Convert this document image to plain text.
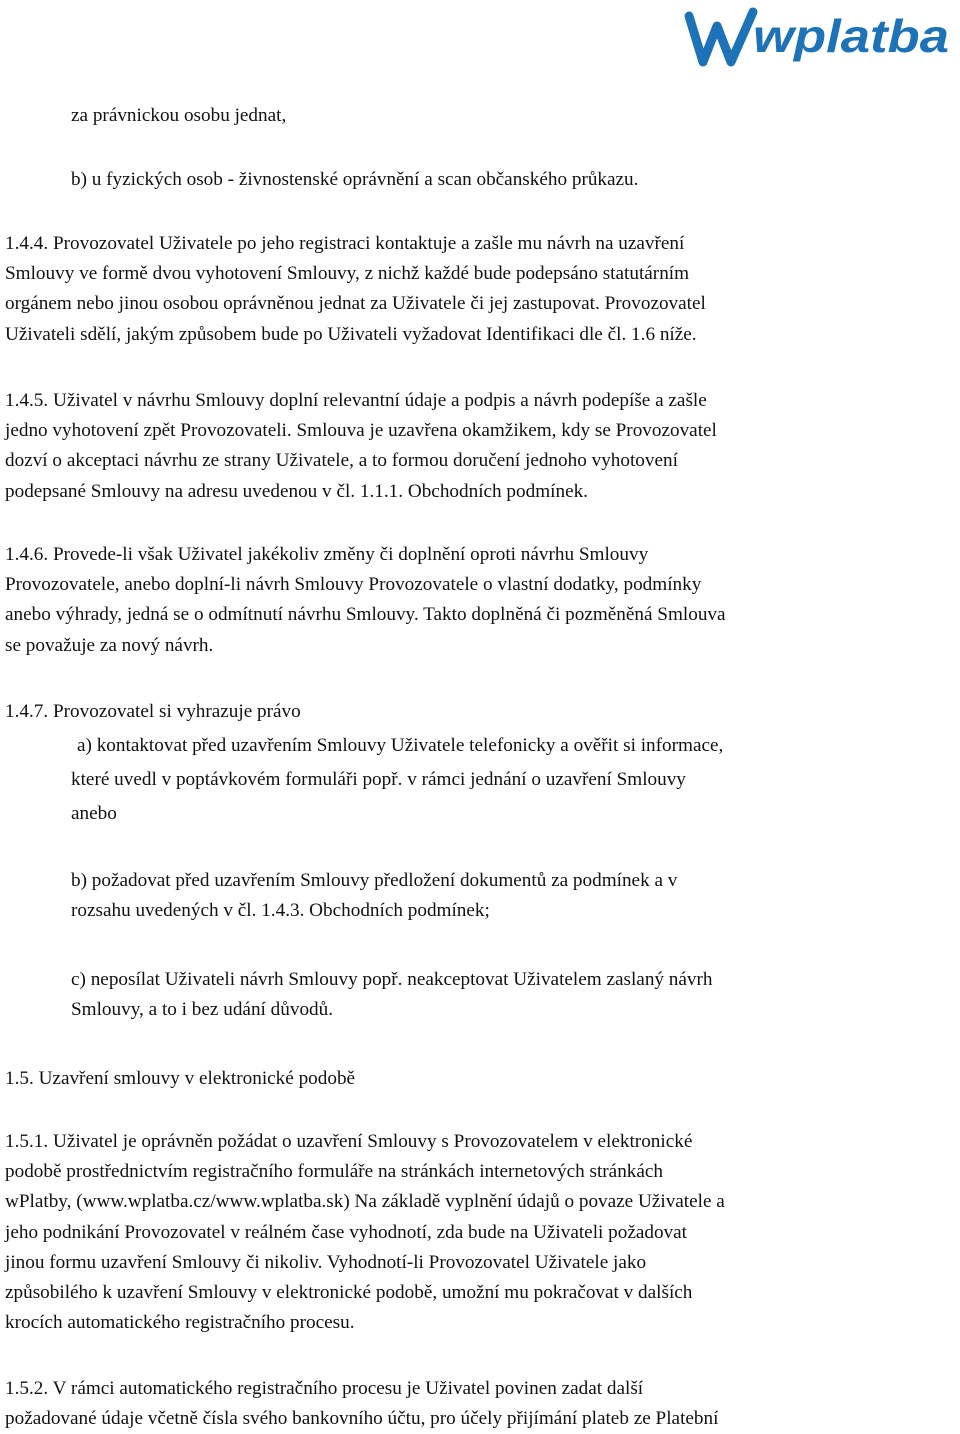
wplatba
za právnickou osobu jednat,
b) u fyzických osob - živnostenské oprávnění a scan občanského průkazu.
1.4.4. Provozovatel Uživatele po jeho registraci kontaktuje a zašle mu návrh na uzavření
Smlouvy ve formě dvou vyhotovení Smlouvy, z nichž každé bude podepsáno statutárním
orgánem nebo jinou osobou oprávněnou jednat za Uživatele či jej zastupovat. Provozovatel
Uživateli sdělí, jakým způsobem bude po Uživateli vyžadovat Identifikaci dle čl. 1.6 níže.
1.4.5. Uživatel v návrhu Smlouvy doplní relevantní údaje a podpis a návrh podepíše a zašle
jedno vyhotovení zpět Provozovateli. Smlouva je uzavřena okamžikem, kdy se Provozovatel
dozví o akceptaci návrhu ze strany Uživatele, a to formou doručení jednoho vyhotovení
podepsané Smlouvy na adresu uvedenou v čl. 1.1.1. Obchodních podmínek.
1.4.6. Provede-li však Uživatel jakékoliv změny či doplnění oproti návrhu Smlouvy
Provozovatele, anebo doplní-li návrh Smlouvy Provozovatele o vlastní dodatky, podmínky
anebo výhrady, jedná se o odmítnutí návrhu Smlouvy. Takto doplněná či pozměněná Smlouva
se považuje za nový návrh.
1.4.7. Provozovatel si vyhrazuje právo
a) kontaktovat před uzavřením Smlouvy Uživatele telefonicky a ověřit si informace,
které uvedl v poptávkovém formuláři popř. v rámci jednání o uzavření Smlouvy
anebo
b) požadovat před uzavřením Smlouvy předložení dokumentů za podmínek a v
rozsahu uvedených v čl. 1.4.3. Obchodních podmínek;
c) neposílat Uživateli návrh Smlouvy popř. neakceptovat Uživatelem zaslaný návrh
Smlouvy, a to i bez udání důvodů.
1.5. Uzavření smlouvy v elektronické podobě
1.5.1. Uživatel je oprávněn požádat o uzavření Smlouvy s Provozovatelem v elektronické
podobě prostřednictvím registračního formuláře na stránkách internetových stránkách
wPlatby, (www.wplatba.cz/www.wplatba.sk) Na základě vyplnění údajů o povaze Uživatele a
jeho podnikání Provozovatel v reálném čase vyhodnotí, zda bude na Uživateli požadovat
jinou formu uzavření Smlouvy či nikoliv. Vyhodnotí-li Provozovatel Uživatele jako
způsobilého k uzavření Smlouvy v elektronické podobě, umožní mu pokračovat v dalších
krocích automatického registračního procesu.
1.5.2. V rámci automatického registračního procesu je Uživatel povinen zadat další
požadované údaje včetně čísla svého bankovního účtu, pro účely přijímání plateb ze Platební
